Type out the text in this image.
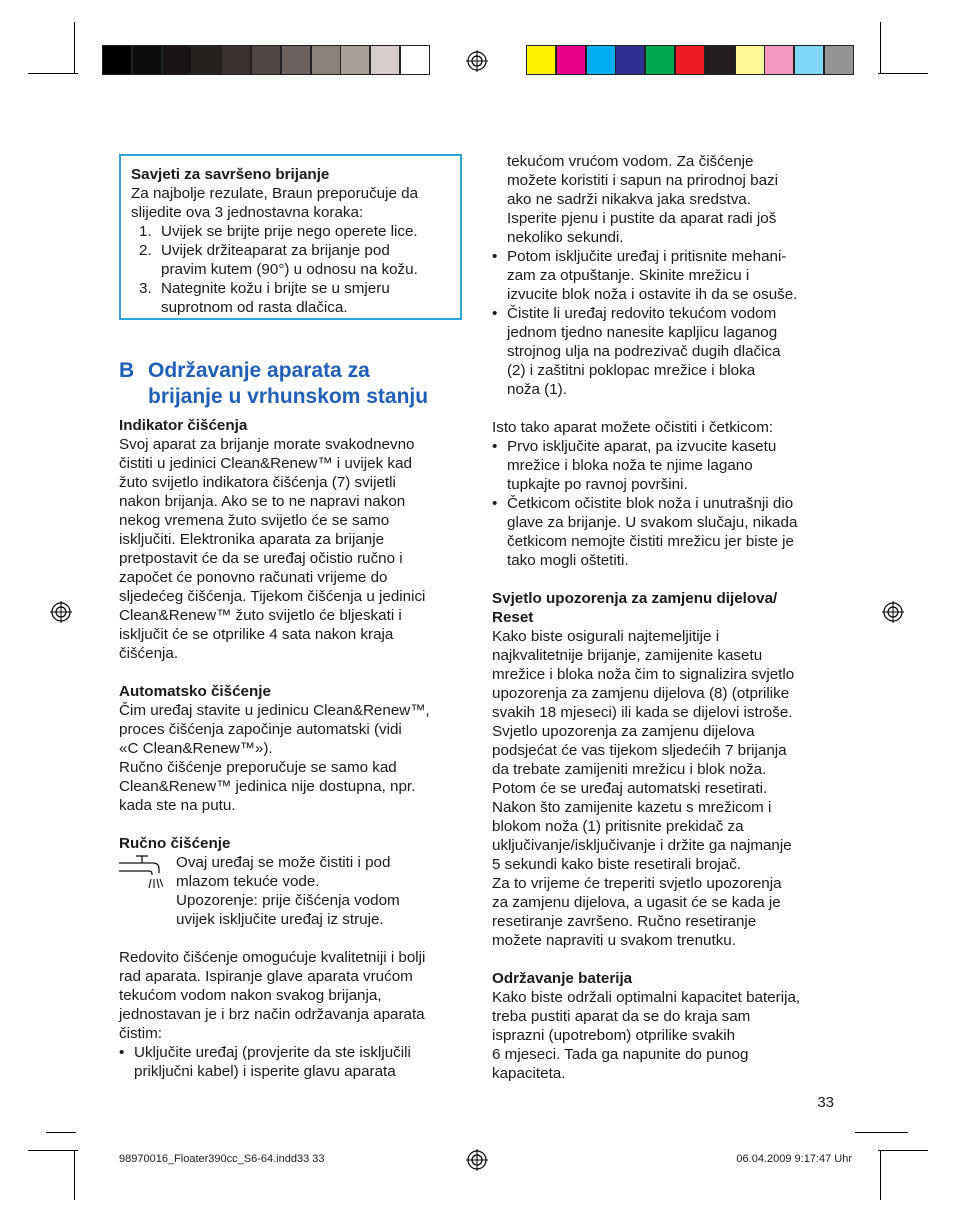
Savjeti za savršeno brijanje

Za najbolje rezulate, Braun preporučuje da slijedite ova 3 jednostavna koraka:

1. Uvijek se brijte prije nego operete lice.
2. Uvijek držiteaparat za brijanje pod
pravim kutem (90°) u odnosu na kožu.
3. Nategnite kožu i brijte se u smjeru
suprotnom od rasta dlačica.
B Održavanje aparata za
brijanje u vrhunskom stanju

Indikator čišćenja

Svoj aparat za brijanje morate svakodnevno
čistiti u jedinici Clean&Renew™ i uvijek kad
žuto svijetlo indikatora čišćenja (7) svijetli
nakon brijanja. Ako se to ne napravi nakon
nekog vremena žuto svijetlo će se samo
isključiti. Elektronika aparata za brijanje
pretpostavit će da se uređaj očistio ručno i
započet će ponovno računati vrijeme do
sljedećeg čišćenja. Tijekom čišćenja u jedinici
Clean&Renew™ žuto svijetlo će bljeskati i
isključit će se otprilike 4 sata nakon kraja
čišćenja.

Automatsko čišćenje

Čim uređaj stavite u jedinicu Clean&Renew™,
proces čišćenja započinje automatski (vidi
«C Clean&Renew™»).
Ručno čišćenje preporučuje se samo kad
Clean&Renew™ jedinica nije dostupna, npr.
kada ste na putu.

Ručno čišćenje

Ovaj uređaj se može čistiti i pod
mlazom tekuće vode.
Upozorenje: prije čišćenja vodom
uvijek isključite uređaj iz struje.
Redovito čišćenje omogućuje kvalitetniji i bolji
rad aparata. Ispiranje glave aparata vrućom
tekućom vodom nakon svakog brijanja,
jednostavan je i brz način održavanja aparata
čistim:
• Uključite uređaj (provjerite da ste isključili
priključni kabel) i isperite glavu aparata
tekućom vrućom vodom. Za čišćenje
možete koristiti i sapun na prirodnoj bazi
ako ne sadrži nikakva jaka sredstva.
Isperite pjenu i pustite da aparat radi još
nekoliko sekundi.
• Potom isključite uređaj i pritisnite mehani-
zam za otpuštanje. Skinite mrežicu i
izvucite blok noža i ostavite ih da se osuše.
• Čistite li uređaj redovito tekućom vodom
jednom tjedno nanesite kapljicu laganog
strojnog ulja na podrezivač dugih dlačica
(2) i zaštitni poklopac mrežice i bloka
noža (1).

Isto tako aparat možete očistiti i četkicom:

• Prvo isključite aparat, pa izvucite kasetu
mrežice i bloka noža te njime lagano
tupkajte po ravnoj površini.
• Četkicom očistite blok noža i unutrašnji dio
glave za brijanje. U svakom slučaju, nikada
četkicom nemojte čistiti mrežicu jer biste je
tako mogli oštetiti.
Svjetlo upozorenja za zamjenu dijelova/
Reset
Kako biste osigurali najtemeljitije i
najkvalitetnije brijanje, zamijenite kasetu
mrežice i bloka noža čim to signalizira svjetlo
upozorenja za zamjenu dijelova (8) (otprilike
svakih 18 mjeseci) ili kada se dijelovi istroše.
Svjetlo upozorenja za zamjenu dijelova
podsjećat će vas tijekom sljedećih 7 brijanja
da trebate zamijeniti mrežicu i blok noža.
Potom će se uređaj automatski resetirati.
Nakon što zamijenite kazetu s mrežicom i
blokom noža (1) pritisnite prekidač za
uključivanje/isključivanje i držite ga najmanje
5 sekundi kako biste resetirali brojač.
Za to vrijeme će treperiti svjetlo upozorenja
za zamjenu dijelova, a ugasit će se kada je
resetiranje završeno. Ručno resetiranje
možete napraviti u svakom trenutku.

Održavanje baterija

Kako biste održali optimalni kapacitet baterija,
treba pustiti aparat da se do kraja sam
isprazni (upotrebom) otprilike svakih
6 mjeseci. Tada ga napunite do punog
kapaciteta.
33
98970016_Floater390cc_S6-64.indd33 33	06.04.2009 9:17:47 Uhr
